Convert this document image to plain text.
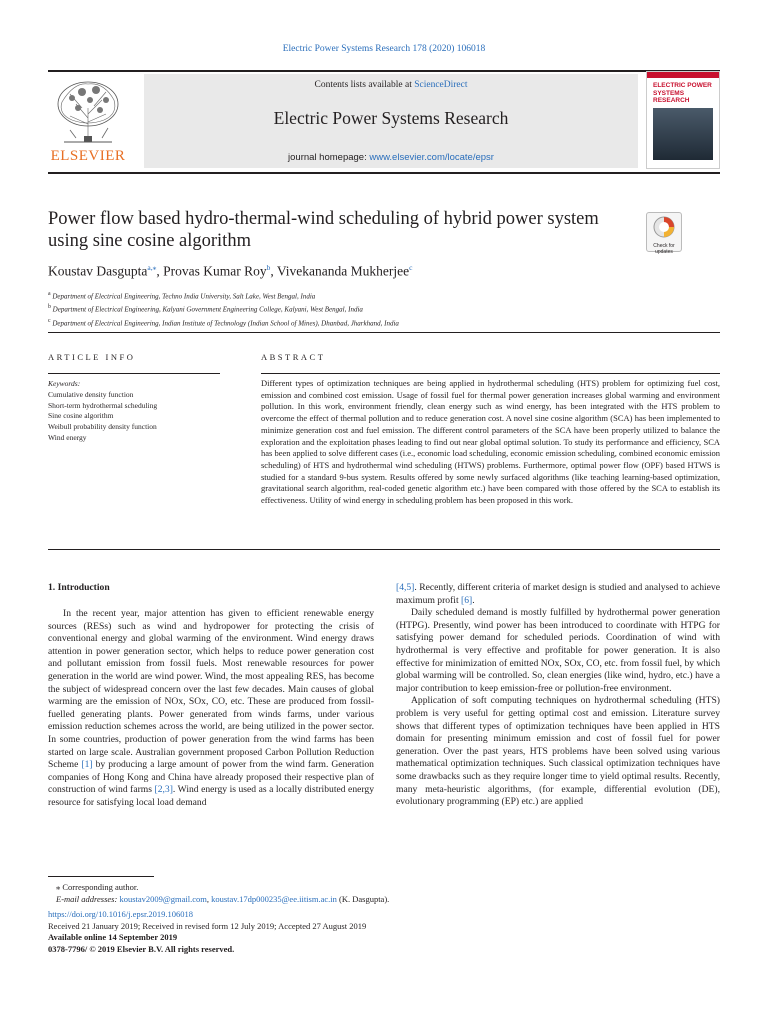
Electric Power Systems Research 178 (2020) 106018
ELSEVIER
Contents lists available at ScienceDirect
Electric Power Systems Research
journal homepage: www.elsevier.com/locate/epsr
ELECTRIC POWER SYSTEMS RESEARCH
Power flow based hydro-thermal-wind scheduling of hybrid power system using sine cosine algorithm	Check for updates
Koustav Dasgupta$^{a,⁎}$, Provas Kumar Roy$^b$, Vivekananda Mukherjee$^c$
$^a$ Department of Electrical Engineering, Techno India University, Salt Lake, West Bengal, India
$^b$ Department of Electrical Engineering, Kalyani Government Engineering College, Kalyani, West Bengal, India
$^c$ Department of Electrical Engineering, Indian Institute of Technology (Indian School of Mines), Dhanbad, Jharkhand, India
ARTICLE INFO
Keywords:
Cumulative density function
Short-term hydrothermal scheduling
Sine cosine algorithm
Weibull probability density function
Wind energy
ABSTRACT
Different types of optimization techniques are being applied in hydrothermal scheduling (HTS) problem for optimizing fuel cost, emission and combined cost emission. Usage of fossil fuel for thermal power generation increases global warming and environment pollution. In this work, environment friendly, clean energy such as wind energy, has been integrated with the HTS problem to overcome the effect of thermal pollution and to reduce generation cost. A novel sine cosine algorithm (SCA) has been implemented to minimize generation cost and fuel emission. The different control parameters of the SCA have been properly utilized to balance the exploration and the exploitation phases leading to find out near global optimal solution. To study its performance and efficiency, SCA has been applied to solve different cases (i.e., economic load scheduling, economic emission scheduling, combined economic emission scheduling) of HTS and hydrothermal wind scheduling (HTWS) problems. Furthermore, optimal power flow (OPF) based HTWS is studied for a standard 9-bus system. Results offered by some newly surfaced algorithms (like teaching learning-based optimization, gravitational search algorithm, real-coded genetic algorithm etc.) have been compared with those offered by the SCA to establish its effectiveness. Utility of wind energy in scheduling problem has been proposed in this work.
1. Introduction

In the recent year, major attention has given to efficient renewable energy sources (RESs) such as wind and hydropower for protecting the crisis of conventional energy and global warming of the environment. Wind energy draws attention in power generation sector, which helps to reduce power generation cost and pollutant emission from fossil fuels. Most renewable resources for power generation in the world are wind power. Wind, the most appealing RES, has become the subject of widespread concern over the last few decades. Main causes of global warming are the emission of NOx, SOx, CO, etc. These are produced from fossil-fuelled generating plants. Power generated from winds farms, under various emission reduction schemes across the world, are being utilized in the power sector. In some countries, production of power generation from the wind farms has been started on large scale. Australian government proposed Carbon Pollution Reduction Scheme [1] by producing a large amount of power from the wind farm. Generation companies of Hong Kong and China have already proposed their respective plan of construction of wind farms [2,3]. Wind energy is used as a locally distributed energy resource for satisfying local load demand

[4,5]. Recently, different criteria of market design is studied and analysed to achieve maximum profit [6].

Daily scheduled demand is mostly fulfilled by hydrothermal power generation (HTPG). Presently, wind power has been introduced to coordinate with HTPG for satisfying power demand for scheduled periods. Coordination of wind with hydrothermal is very effective and profitable for power generation. It is also effective for minimization of emitted NOx, SOx, CO, etc. from fossil fuel, by which global warming will be controlled. So, clean energies (like wind, hydro, etc.) have a major contribution to keep emission-free or pollution-free environment.

Application of soft computing techniques on hydrothermal scheduling (HTS) problem is very useful for getting optimal cost and emission. Literature survey shows that different types of optimization techniques have been applied in HTS domain for presenting minimum emission and cost of fossil fuel for power generation. Over the past years, HTS problems have been solved using various mathematical optimization techniques. Such classical optimization techniques have some drawbacks such as they require longer time to yield optimal results. Recently, many meta-heuristic algorithms, (for example, differential evolution (DE), evolutionary programming (EP) etc.) are applied

⁎ Corresponding author.
E-mail addresses: koustav2009@gmail.com, koustav.17dp000235@ee.iitism.ac.in (K. Dasgupta).
https://doi.org/10.1016/j.epsr.2019.106018
Received 21 January 2019; Received in revised form 12 July 2019; Accepted 27 August 2019
Available online 14 September 2019
0378-7796/ © 2019 Elsevier B.V. All rights reserved.
